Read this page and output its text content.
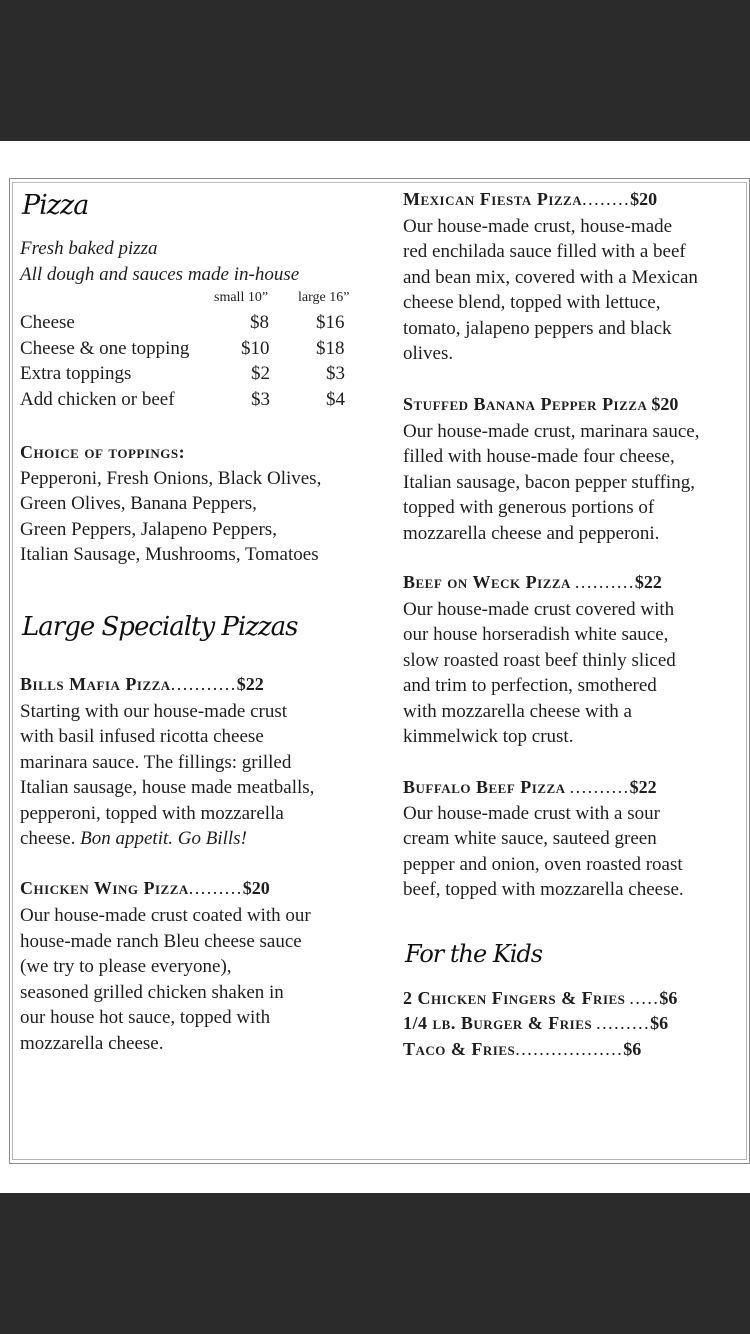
Pizza
Fresh baked pizza
All dough and sauces made in-house
small 10” large 16”
Cheese	$8 $16
Cheese & one topping	$10 $18
Extra toppings	$2	$3
Add chicken or beef	$3	$4
Choice of toppings:
Pepperoni, Fresh Onions, Black Olives,
Green Olives, Banana Peppers,
Green Peppers, Jalapeno Peppers,
Italian Sausage, Mushrooms, Tomatoes
Large Specialty Pizzas
Bills Mafia Pizza...........$22
Starting with our house-made crust
with basil infused ricotta cheese
marinara sauce. The fillings: grilled
Italian sausage, house made meatballs,
pepperoni, topped with mozzarella
cheese. Bon appetit. Go Bills!
Chicken Wing Pizza.........$20
Our house-made crust coated with our
house-made ranch Bleu cheese sauce
(we try to please everyone),
seasoned grilled chicken shaken in
our house hot sauce, topped with
mozzarella cheese.
Mexican Fiesta Pizza........$20
Our house-made crust, house-made
red enchilada sauce filled with a beef
and bean mix, covered with a Mexican
cheese blend, topped with lettuce,
tomato, jalapeno peppers and black
olives.
Stuffed Banana Pepper Pizza $20
Our house-made crust, marinara sauce,
filled with house-made four cheese,
Italian sausage, bacon pepper stuffing,
topped with generous portions of
mozzarella cheese and pepperoni.
Beef on Weck Pizza ..........$22
Our house-made crust covered with
our house horseradish white sauce,
slow roasted roast beef thinly sliced
and trim to perfection, smothered
with mozzarella cheese with a
kimmelwick top crust.
Buffalo Beef Pizza ..........$22
Our house-made crust with a sour
cream white sauce, sauteed green
pepper and onion, oven roasted roast
beef, topped with mozzarella cheese.
For the Kids
2 Chicken Fingers & Fries .....$6
1/4 lb. Burger & Fries .........$6
Taco & Fries..................$6
